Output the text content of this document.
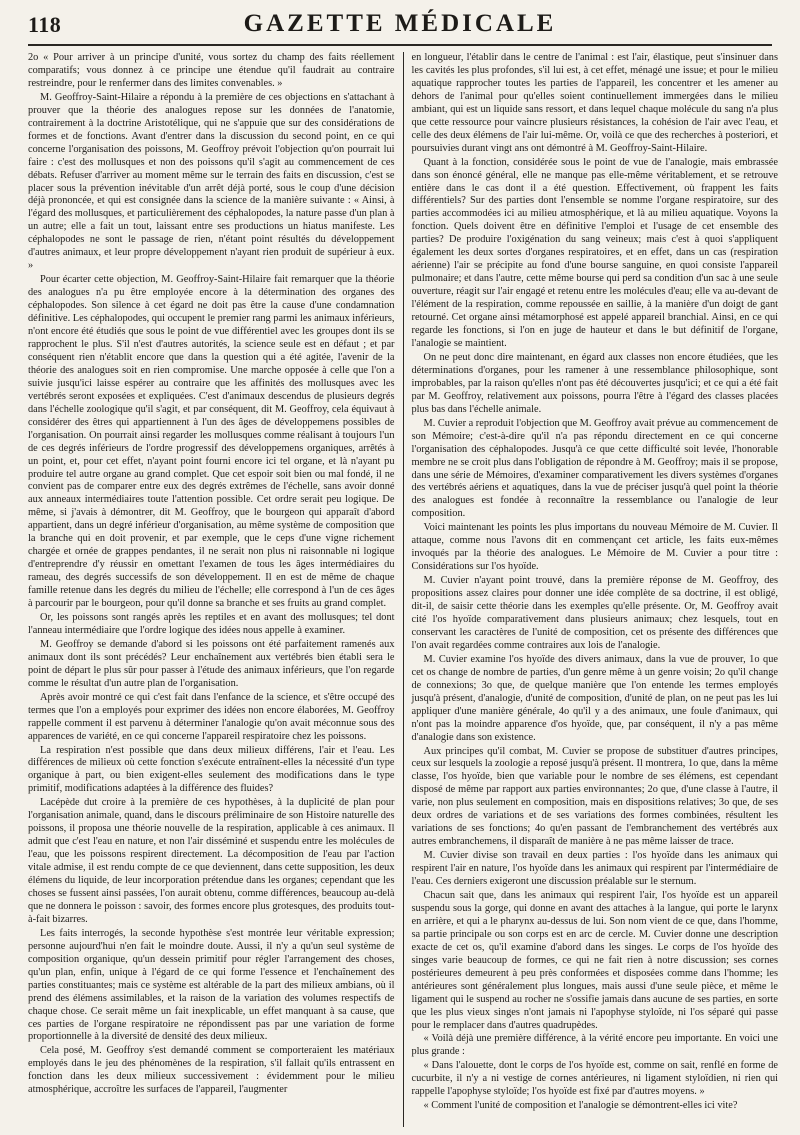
118	GAZETTE MÉDICALE

2o « Pour arriver à un principe d'unité, vous sortez du champ des faits réellement comparatifs; vous donnez à ce principe une étendue qu'il faudrait au contraire restreindre, pour le renfermer dans des limites convenables. »

M. Geoffroy-Saint-Hilaire a répondu à la première de ces objections en s'attachant à prouver que la théorie des analogues repose sur les données de l'anatomie, contrairement à la doctrine Aristotélique, qui ne s'appuie que sur des considérations de formes et de fonctions. Avant d'entrer dans la discussion du second point, en ce qui concerne l'organisation des poissons, M. Geoffroy prévoit l'objection qu'on pourrait lui faire : c'est des mollusques et non des poissons qu'il s'agit au commencement de ces débats. Refuser d'arriver au moment même sur le terrain des faits en discussion, c'est se placer sous la prévention inévitable d'un arrêt déjà porté, sous le coup d'une décision déjà prononcée, et qui est consignée dans la science de la manière suivante : « Ainsi, à l'égard des mollusques, et particulièrement des céphalopodes, la nature passe d'un plan à un autre; elle a fait un tout, laissant entre ses productions un hiatus manifeste. Les céphalopodes ne sont le passage de rien, n'étant point résultés du développement d'autres animaux, et leur propre développement n'ayant rien produit de supérieur à eux. »

Pour écarter cette objection, M. Geoffroy-Saint-Hilaire fait remarquer que la théorie des analogues n'a pu être employée encore à la détermination des organes des céphalopodes. Son silence à cet égard ne doit pas être la cause d'une condamnation définitive. Les céphalopodes, qui occupent le premier rang parmi les animaux inférieurs, n'ont encore été étudiés que sous le point de vue différentiel avec les groupes dont ils se rapprochent le plus. S'il n'est d'autres autorités, la science seule est en défaut ; et par conséquent rien n'établit encore que dans la question qui a été agitée, l'avenir de la théorie des analogues soit en rien compromise. Une marche opposée à celle que l'on a suivie jusqu'ici laisse espérer au contraire que les affinités des mollusques avec les vertébrés seront exposées et expliquées. C'est d'animaux descendus de plusieurs degrés dans l'échelle zoologique qu'il s'agit, et par conséquent, dit M. Geoffroy, cela équivaut à considérer des êtres qui appartiennent à l'un des âges de développemens possibles de l'organisation. On pourrait ainsi regarder les mollusques comme réalisant à toujours l'un de ces degrés inférieurs de l'ordre progressif des développemens organiques, arrêtés à un point, et, pour cet effet, n'ayant point fourni encore ici tel organe, et là n'ayant pu produire tel autre organe au grand complet. Que cet espoir soit bien ou mal fondé, il ne convient pas de comparer entre eux des degrés extrêmes de l'échelle, sans avoir donné aux anneaux intermédiaires toute l'attention possible. Cet ordre serait peu logique. De même, si j'avais à démontrer, dit M. Geoffroy, que le bourgeon qui apparaît d'abord appartient, dans un degré inférieur d'organisation, au même système de composition que la branche qui en doit provenir, et par exemple, que le ceps d'une vigne richement chargée et ornée de grappes pendantes, il ne serait non plus ni raisonnable ni logique d'entreprendre d'y réussir en omettant l'examen de tous les âges intermédiaires du rameau, des degrés successifs de son développement. Il en est de même de chaque famille retenue dans les degrés du milieu de l'échelle; elle correspond à l'un de ces âges à parcourir par le bourgeon, pour qu'il donne sa branche et ses fruits au grand complet.

Or, les poissons sont rangés après les reptiles et en avant des mollusques; tel dont l'anneau intermédiaire que l'ordre logique des idées nous appelle à examiner.

M. Geoffroy se demande d'abord si les poissons ont été parfaitement ramenés aux animaux dont ils sont précédés? Leur enchaînement aux vertébrés bien établi sera le point de départ le plus sûr pour passer à l'étude des animaux inférieurs, que l'on regarde comme le résultat d'un autre plan de l'organisation.

Après avoir montré ce qui c'est fait dans l'enfance de la science, et s'être occupé des termes que l'on a employés pour exprimer des idées non encore élaborées, M. Geoffroy rappelle comment il est parvenu à déterminer l'analogie qu'on avait méconnue sous des apparences de variété, en ce qui concerne l'appareil respiratoire chez les poissons.

La respiration n'est possible que dans deux milieux différens, l'air et l'eau. Les différences de milieux où cette fonction s'exécute entraînent-elles la nécessité d'un type organique à part, ou bien exigent-elles seulement des modifications dans le type primitif, modifications adaptées à la différence des fluides?

Lacépède dut croire à la première de ces hypothèses, à la duplicité de plan pour l'organisation animale, quand, dans le discours préliminaire de son Histoire naturelle des poissons, il proposa une théorie nouvelle de la respiration, applicable à ces animaux. Il admit que c'est l'eau en nature, et non l'air disséminé et suspendu entre les molécules de l'eau, que les poissons respirent directement. La décomposition de l'eau par l'action vitale admise, il est rendu compte de ce que deviennent, dans cette supposition, les deux élémens du liquide, de leur incorporation prétendue dans les organes; cependant que les choses se fussent ainsi passées, l'on aurait obtenu, comme différences, beaucoup au-delà que ne donnera le poisson : savoir, des formes encore plus grotesques, des produits tout-à-fait bizarres.

Les faits interrogés, la seconde hypothèse s'est montrée leur véritable expression; personne aujourd'hui n'en fait le moindre doute. Aussi, il n'y a qu'un seul système de composition organique, qu'un dessein primitif pour régler l'arrangement des choses, qu'un plan, enfin, unique à l'égard de ce qui forme l'essence et l'enchaînement des parties constituantes; mais ce système est altérable de la part des milieux ambians, où il prend des élémens assimilables, et la raison de la variation des volumes respectifs de chaque chose. Ce serait même un fait inexplicable, un effet manquant à sa cause, que ces parties de l'organe respiratoire ne répondissent pas par une variation de forme proportionnelle à la diversité de densité des deux milieux.

Cela posé, M. Geoffroy s'est demandé comment se comporteraient les matériaux employés dans le jeu des phénomènes de la respiration, s'il fallait qu'ils entrassent en fonction dans les deux milieux successivement : évidemment pour le milieu atmosphérique, accroître les surfaces de l'appareil, l'augmenter

en longueur, l'établir dans le centre de l'animal : est l'air, élastique, peut s'insinuer dans les cavités les plus profondes, s'il lui est, à cet effet, ménagé une issue; et pour le milieu aquatique rapprocher toutes les parties de l'appareil, les concentrer et les amener au dehors de l'animal pour qu'elles soient continuellement immergées dans le milieu ambiant, qui est un liquide sans ressort, et dans lequel chaque molécule du sang n'a plus que cette ressource pour vaincre plusieurs résistances, la cohésion de l'air avec l'eau, et celle des deux élémens de l'air lui-même. Or, voilà ce que des recherches à posteriori, et poursuivies durant vingt ans ont démontré à M. Geoffroy-Saint-Hilaire.

Quant à la fonction, considérée sous le point de vue de l'analogie, mais embrassée dans son énoncé général, elle ne manque pas elle-même véritablement, et se retrouve entière dans le cas dont il a été question. Effectivement, où frappent les faits différentiels? Sur des parties dont l'ensemble se nomme l'organe respiratoire, sur des parties accommodées ici au milieu atmosphérique, et là au milieu aquatique. Voyons la fonction. Quels doivent être en définitive l'emploi et l'usage de cet ensemble des parties? De produire l'oxigénation du sang veineux; mais c'est à quoi s'appliquent également les deux sortes d'organes respiratoires, et en effet, dans un cas (respiration aérienne) l'air se précipite au fond d'une bourse sanguine, en quoi consiste l'appareil pulmonaire; et dans l'autre, cette même bourse qui perd sa condition d'un sac à une seule ouverture, réagit sur l'air engagé et retenu entre les molécules d'eau; elle va au-devant de l'élément de la respiration, comme repoussée en saillie, à la manière d'un doigt de gant retourné. Cet organe ainsi métamorphosé est appelé appareil branchial. Ainsi, en ce qui regarde les fonctions, si l'on en juge de hauteur et dans le but définitif de l'organe, l'analogie se maintient.

On ne peut donc dire maintenant, en égard aux classes non encore étudiées, que les déterminations d'organes, pour les ramener à une ressemblance philosophique, sont improbables, par la raison qu'elles n'ont pas été découvertes jusqu'ici; et ce qui a été fait par M. Geoffroy, relativement aux poissons, pourra l'être à l'égard des classes placées plus bas dans l'échelle animale.

M. Cuvier a reproduit l'objection que M. Geoffroy avait prévue au commencement de son Mémoire; c'est-à-dire qu'il n'a pas répondu directement en ce qui concerne l'organisation des céphalopodes. Jusqu'à ce que cette difficulté soit levée, l'honorable membre ne se croit plus dans l'obligation de répondre à M. Geoffroy; mais il se propose, dans une série de Mémoires, d'examiner comparativement les divers systèmes d'organes des vertébrés aériens et aquatiques, dans la vue de préciser jusqu'à quel point la théorie des analogues est fondée à reconnaître la ressemblance ou l'analogie de leur composition.

Voici maintenant les points les plus importans du nouveau Mémoire de M. Cuvier. Il attaque, comme nous l'avons dit en commençant cet article, les faits eux-mêmes invoqués par la théorie des analogues. Le Mémoire de M. Cuvier a pour titre : Considérations sur l'os hyoïde.

M. Cuvier n'ayant point trouvé, dans la première réponse de M. Geoffroy, des propositions assez claires pour donner une idée complète de sa doctrine, il est obligé, dit-il, de saisir cette théorie dans les exemples qu'elle présente. Or, M. Geoffroy avait cité l'os hyoïde comparativement dans plusieurs animaux; chez lesquels, tout en conservant les caractères de l'unité de composition, cet os présente des différences que l'on avait regardées comme contraires aux lois de l'analogie.

M. Cuvier examine l'os hyoïde des divers animaux, dans la vue de prouver, 1o que cet os change de nombre de parties, d'un genre même à un genre voisin; 2o qu'il change de connexions; 3o que, de quelque manière que l'on entende les termes employés jusqu'à présent, d'analogie, d'unité de composition, d'unité de plan, on ne peut pas les lui appliquer d'une manière générale, 4o qu'il y a des animaux, une foule d'animaux, qui n'ont pas la moindre apparence d'os hyoïde, que, par conséquent, il n'y a pas même d'analogie dans son existence.

Aux principes qu'il combat, M. Cuvier se propose de substituer d'autres principes, ceux sur lesquels la zoologie a reposé jusqu'à présent. Il montrera, 1o que, dans la même classe, l'os hyoïde, bien que variable pour le nombre de ses élémens, est cependant disposé de même par rapport aux parties environnantes; 2o que, d'une classe à l'autre, il varie, non plus seulement en composition, mais en dispositions relatives; 3o que, de ses deux ordres de variations et de ses variations des formes combinées, résultent les variations de ses fonctions; 4o qu'en passant de l'embranchement des vertébrés aux autres embranchemens, il disparaît de manière à ne pas même laisser de trace.

M. Cuvier divise son travail en deux parties : l'os hyoïde dans les animaux qui respirent l'air en nature, l'os hyoïde dans les animaux qui respirent par l'intermédiaire de l'eau. Ces derniers exigeront une discussion préalable sur le sternum.

Chacun sait que, dans les animaux qui respirent l'air, l'os hyoïde est un appareil suspendu sous la gorge, qui donne en avant des attaches à la langue, qui porte le larynx en arrière, et qui a le pharynx au-dessus de lui. Son nom vient de ce que, dans l'homme, sa partie principale ou son corps est en arc de cercle. M. Cuvier donne une description exacte de cet os, qu'il examine d'abord dans les singes. Le corps de l'os hyoïde des singes varie beaucoup de formes, ce qui ne fait rien à notre discussion; ses cornes postérieures demeurent à peu près conformées et disposées comme dans l'homme; les antérieures sont généralement plus longues, mais aussi d'une seule pièce, et même le ligament qui le suspend au rocher ne s'ossifie jamais dans aucune de ses parties, en sorte que les plus vieux singes n'ont jamais ni l'apophyse styloïde, ni l'os séparé qui passe pour le remplacer dans d'autres quadrupèdes.

« Voilà déjà une première différence, à la vérité encore peu importante. En voici une plus grande :

« Dans l'alouette, dont le corps de l'os hyoïde est, comme on sait, renflé en forme de cucurbite, il n'y a ni vestige de cornes antérieures, ni ligament styloïdien, ni rien qui rappelle l'apophyse styloïde; l'os hyoïde est fixé par d'autres moyens. »

« Comment l'unité de composition et l'analogie se démontrent-elles ici vite?
